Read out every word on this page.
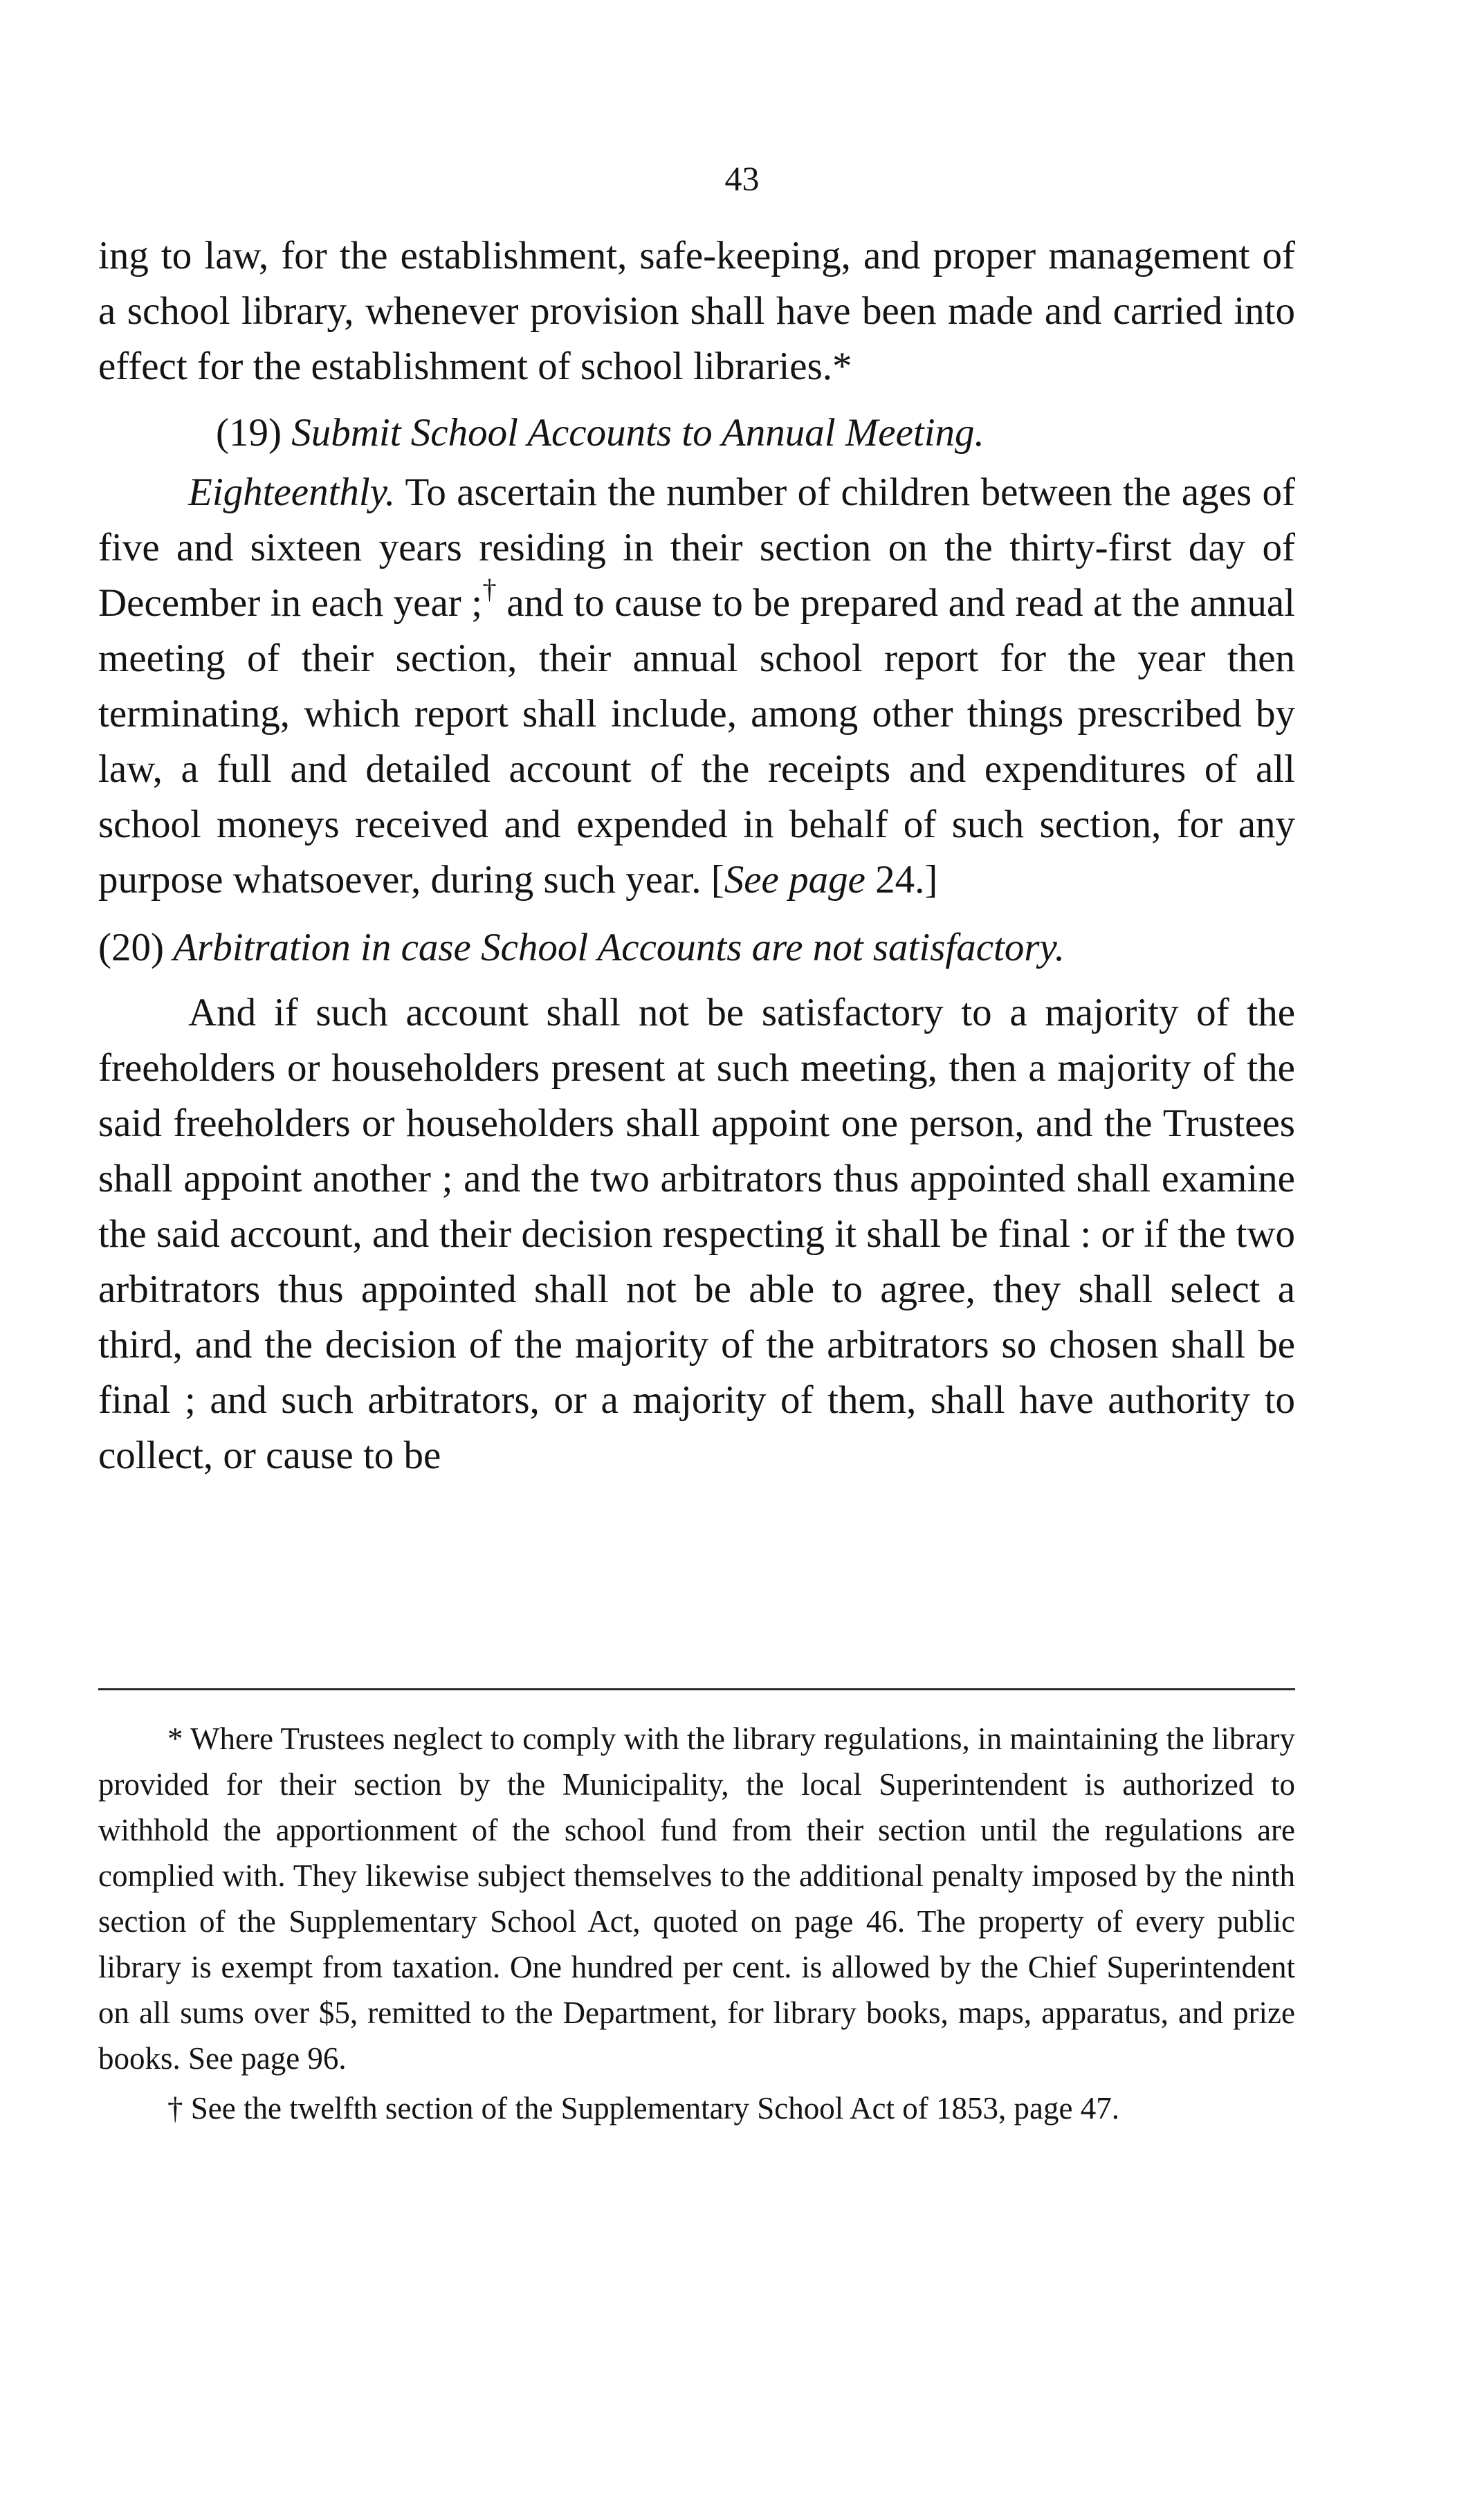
43

ing to law, for the establishment, safe-keeping, and proper management of a school library, whenever provision shall have been made and carried into effect for the establishment of school libraries.*

(19) Submit School Accounts to Annual Meeting.

Eighteenthly. To ascertain the number of children between the ages of five and sixteen years residing in their section on the thirty-first day of December in each year ;† and to cause to be prepared and read at the annual meeting of their section, their annual school report for the year then terminating, which report shall include, among other things prescribed by law, a full and detailed account of the receipts and expenditures of all school moneys received and expended in behalf of such section, for any purpose whatsoever, during such year. [See page 24.]

(20) Arbitration in case School Accounts are not satisfactory.

And if such account shall not be satisfactory to a majority of the freeholders or householders present at such meeting, then a majority of the said freeholders or householders shall appoint one person, and the Trustees shall appoint another ; and the two arbitrators thus appointed shall examine the said account, and their decision respecting it shall be final : or if the two arbitrators thus appointed shall not be able to agree, they shall select a third, and the decision of the majority of the arbitrators so chosen shall be final ; and such arbitrators, or a majority of them, shall have authority to collect, or cause to be

* Where Trustees neglect to comply with the library regulations, in maintaining the library provided for their section by the Municipality, the local Superintendent is authorized to withhold the apportionment of the school fund from their section until the regulations are complied with. They likewise subject themselves to the additional penalty imposed by the ninth section of the Supplementary School Act, quoted on page 46. The property of every public library is exempt from taxation. One hundred per cent. is allowed by the Chief Superintendent on all sums over $5, remitted to the Department, for library books, maps, apparatus, and prize books. See page 96.

† See the twelfth section of the Supplementary School Act of 1853, page 47.
